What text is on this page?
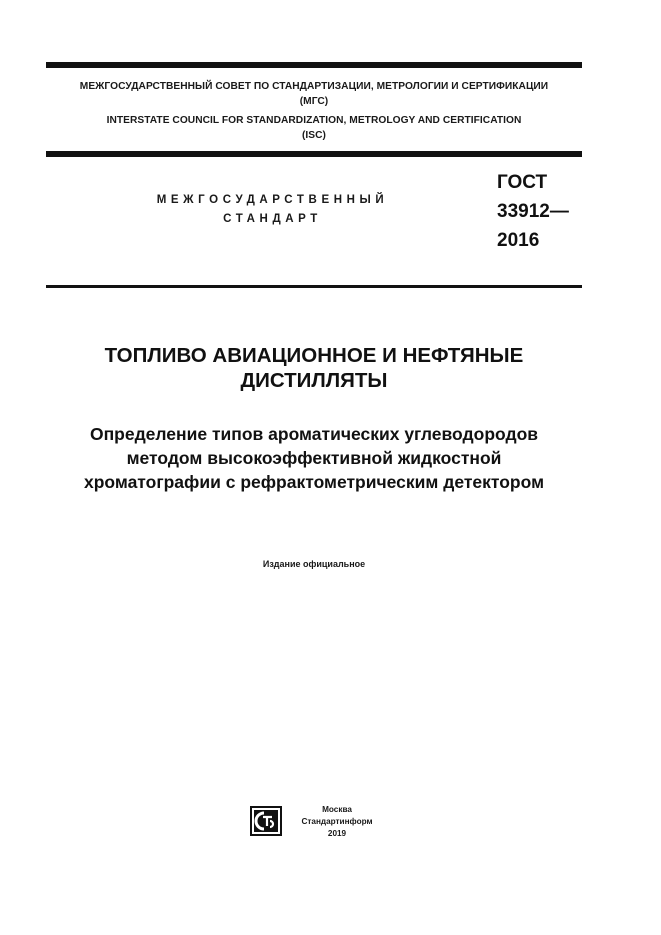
МЕЖГОСУДАРСТВЕННЫЙ СОВЕТ ПО СТАНДАРТИЗАЦИИ, МЕТРОЛОГИИ И СЕРТИФИКАЦИИ
(МГС)
INTERSTATE COUNCIL FOR STANDARDIZATION, METROLOGY AND CERTIFICATION
(ISC)
МЕЖГОСУДАРСТВЕННЫЙ
СТАНДАРТ
ГОСТ
33912—
2016
ТОПЛИВО АВИАЦИОННОЕ И НЕФТЯНЫЕ
ДИСТИЛЛЯТЫ
Определение типов ароматических углеводородов
методом высокоэффективной жидкостной
хроматографии с рефрактометрическим детектором
Издание официальное
Москва
Стандартинформ
2019
